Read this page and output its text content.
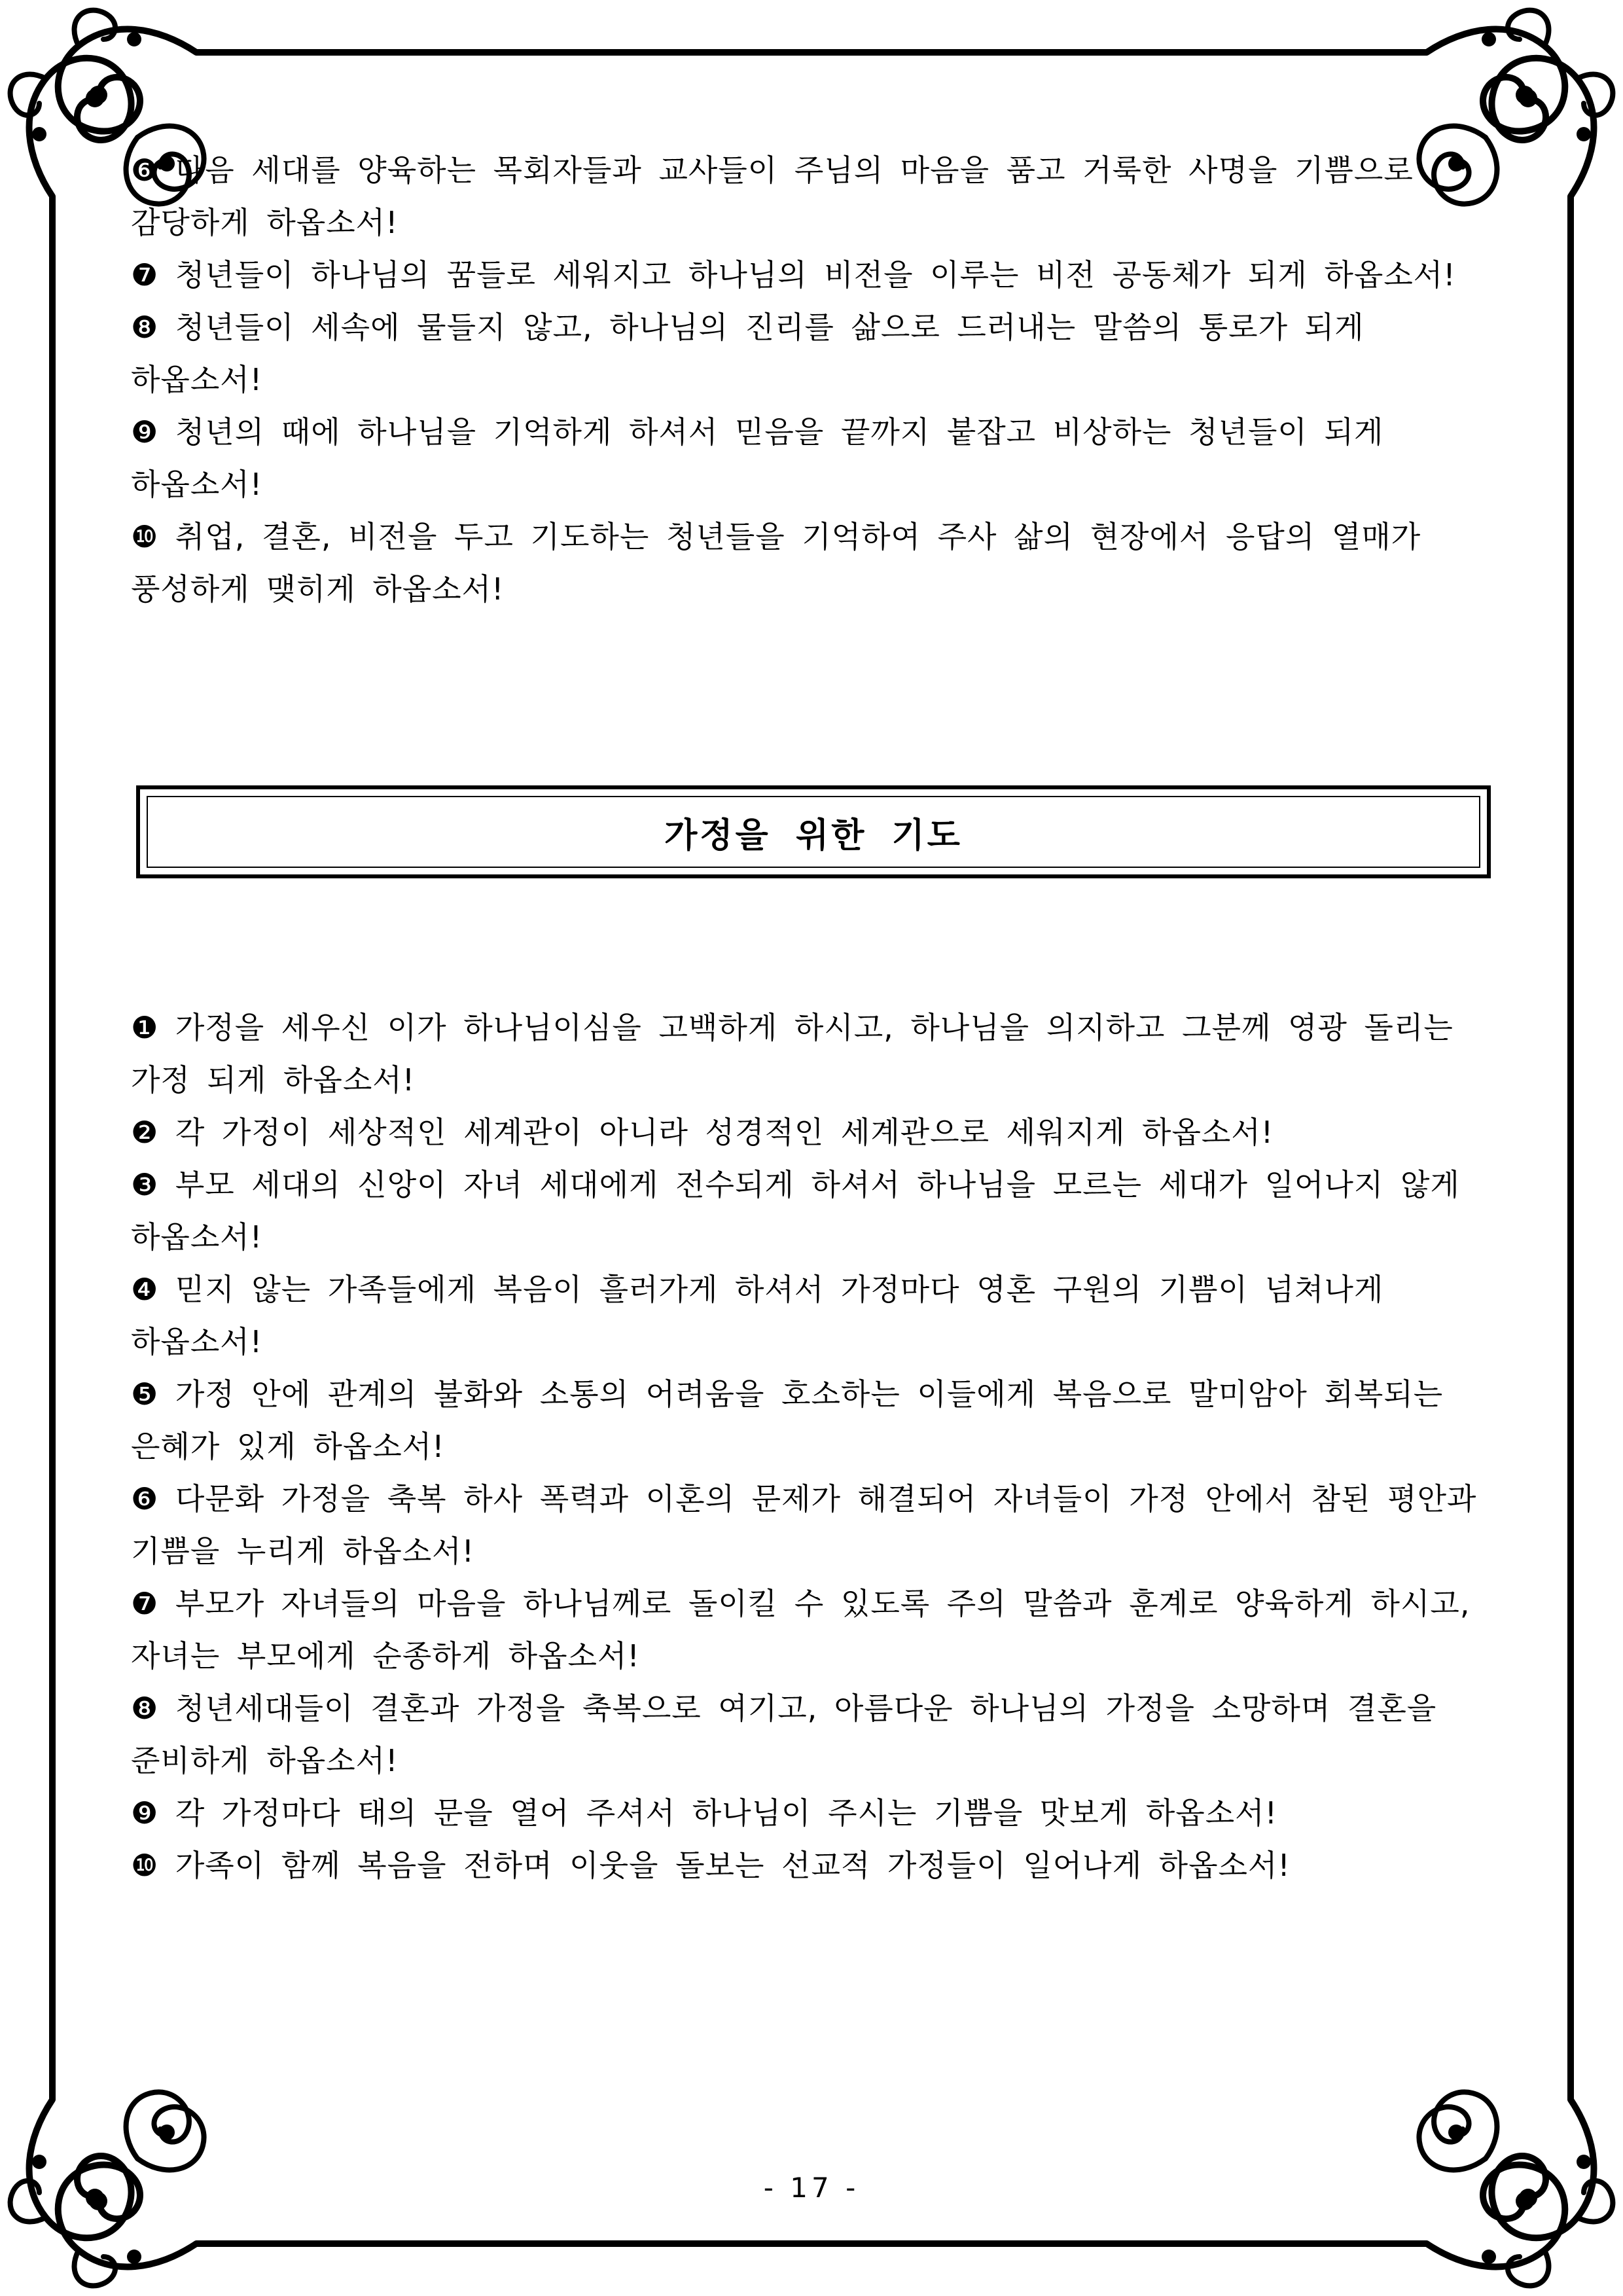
❻ 다음 세대를 양육하는 목회자들과 교사들이 주님의 마음을 품고 거룩한 사명을 기쁨으로
감당하게 하옵소서!

❼ 청년들이 하나님의 꿈들로 세워지고 하나님의 비전을 이루는 비전 공동체가 되게 하옵소서!

❽ 청년들이 세속에 물들지 않고, 하나님의 진리를 삶으로 드러내는 말씀의 통로가 되게
하옵소서!

❾ 청년의 때에 하나님을 기억하게 하셔서 믿음을 끝까지 붙잡고 비상하는 청년들이 되게
하옵소서!

❿ 취업, 결혼, 비전을 두고 기도하는 청년들을 기억하여 주사 삶의 현장에서 응답의 열매가
풍성하게 맺히게 하옵소서!

가정을 위한 기도

❶ 가정을 세우신 이가 하나님이심을 고백하게 하시고, 하나님을 의지하고 그분께 영광 돌리는
가정 되게 하옵소서!

❷ 각 가정이 세상적인 세계관이 아니라 성경적인 세계관으로 세워지게 하옵소서!

❸ 부모 세대의 신앙이 자녀 세대에게 전수되게 하셔서 하나님을 모르는 세대가 일어나지 않게
하옵소서!

❹ 믿지 않는 가족들에게 복음이 흘러가게 하셔서 가정마다 영혼 구원의 기쁨이 넘쳐나게
하옵소서!

❺ 가정 안에 관계의 불화와 소통의 어려움을 호소하는 이들에게 복음으로 말미암아 회복되는
은혜가 있게 하옵소서!

❻ 다문화 가정을 축복 하사 폭력과 이혼의 문제가 해결되어 자녀들이 가정 안에서 참된 평안과
기쁨을 누리게 하옵소서!

❼ 부모가 자녀들의 마음을 하나님께로 돌이킬 수 있도록 주의 말씀과 훈계로 양육하게 하시고,
자녀는 부모에게 순종하게 하옵소서!

❽ 청년세대들이 결혼과 가정을 축복으로 여기고, 아름다운 하나님의 가정을 소망하며 결혼을
준비하게 하옵소서!

❾ 각 가정마다 태의 문을 열어 주셔서 하나님이 주시는 기쁨을 맛보게 하옵소서!

❿ 가족이 함께 복음을 전하며 이웃을 돌보는 선교적 가정들이 일어나게 하옵소서!

- 17 -
